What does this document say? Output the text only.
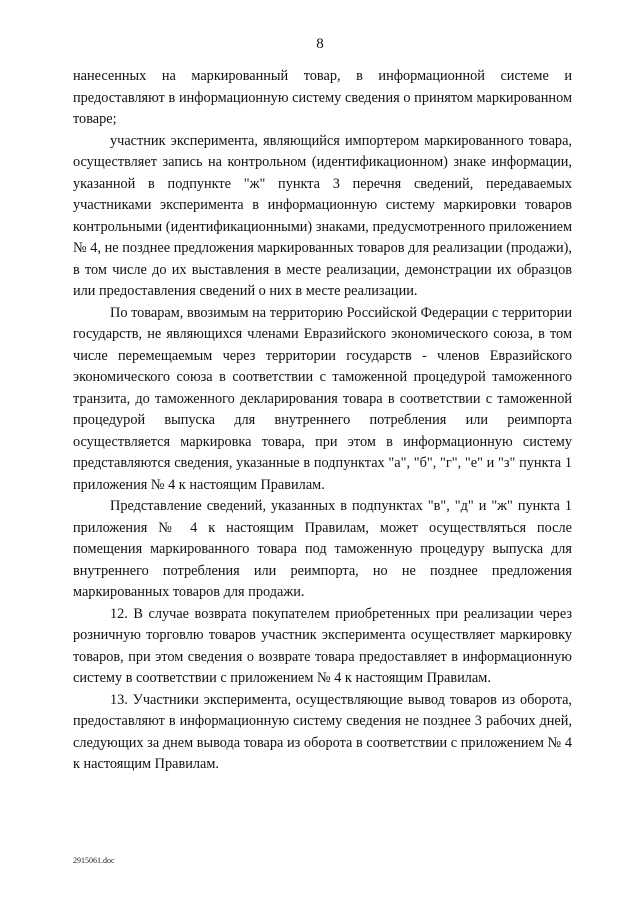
8

нанесенных на маркированный товар, в информационной системе и предоставляют в информационную систему сведения о принятом маркированном товаре;

участник эксперимента, являющийся импортером маркированного товара, осуществляет запись на контрольном (идентификационном) знаке информации, указанной в подпункте "ж" пункта 3 перечня сведений, передаваемых участниками эксперимента в информационную систему маркировки товаров контрольными (идентификационными) знаками, предусмотренного приложением № 4, не позднее предложения маркированных товаров для реализации (продажи), в том числе до их выставления в месте реализации, демонстрации их образцов или предоставления сведений о них в месте реализации.

По товарам, ввозимым на территорию Российской Федерации с территории государств, не являющихся членами Евразийского экономического союза, в том числе перемещаемым через территории государств - членов Евразийского экономического союза в соответствии с таможенной процедурой таможенного транзита, до таможенного декларирования товара в соответствии с таможенной процедурой выпуска для внутреннего потребления или реимпорта осуществляется маркировка товара, при этом в информационную систему представляются сведения, указанные в подпунктах "а", "б", "г", "е" и "з" пункта 1 приложения № 4 к настоящим Правилам.

Представление сведений, указанных в подпунктах "в", "д" и "ж" пункта 1 приложения № 4 к настоящим Правилам, может осуществляться после помещения маркированного товара под таможенную процедуру выпуска для внутреннего потребления или реимпорта, но не позднее предложения маркированных товаров для продажи.

12. В случае возврата покупателем приобретенных при реализации через розничную торговлю товаров участник эксперимента осуществляет маркировку товаров, при этом сведения о возврате товара предоставляет в информационную систему в соответствии с приложением № 4 к настоящим Правилам.

13. Участники эксперимента, осуществляющие вывод товаров из оборота, предоставляют в информационную систему сведения не позднее 3 рабочих дней, следующих за днем вывода товара из оборота в соответствии с приложением № 4 к настоящим Правилам.

2915061.doc
